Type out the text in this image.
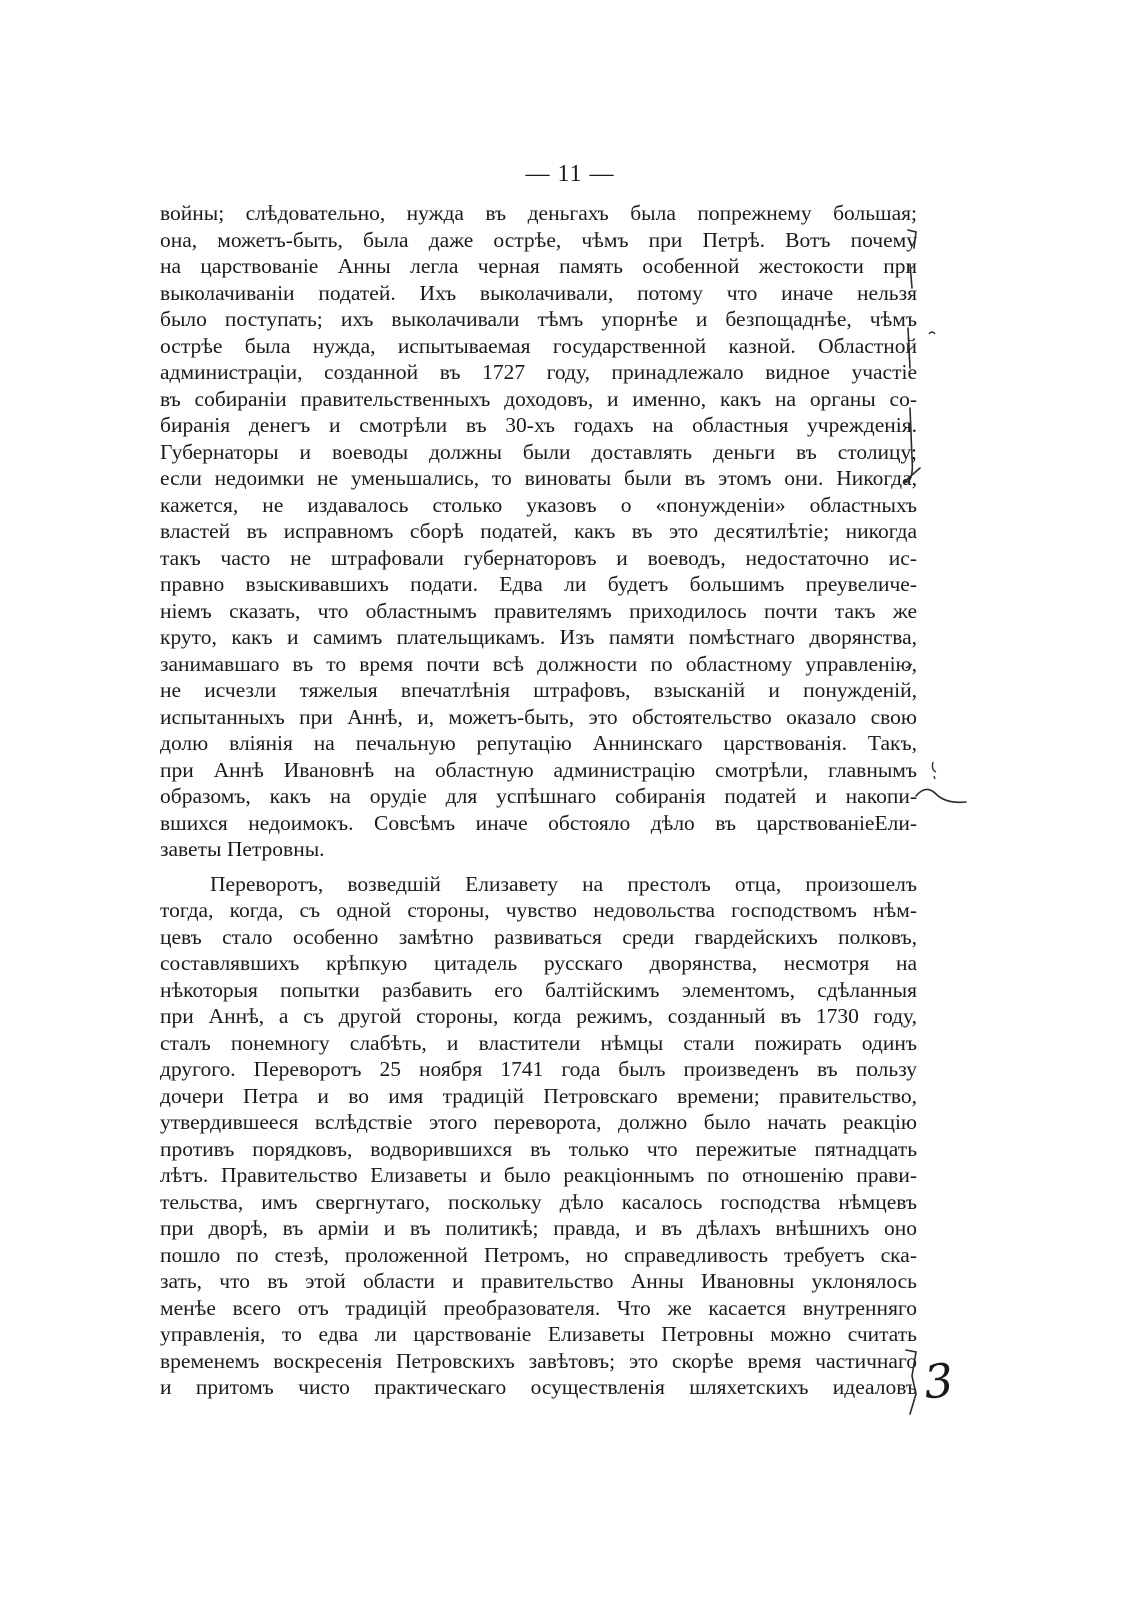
— 11 —
войны; слѣдовательно, нужда въ деньгахъ была попрежнему большая;
она, можетъ-быть, была даже острѣе, чѣмъ при Петрѣ. Вотъ почему
на царствованіе Анны легла черная память особенной жестокости при
выколачиваніи податей. Ихъ выколачивали, потому что иначе нельзя
было поступать; ихъ выколачивали тѣмъ упорнѣе и безпощаднѣе, чѣмъ
острѣе была нужда, испытываемая государственной казной. Областной
администраціи, созданной въ 1727 году, принадлежало видное участіе
въ собираніи правительственныхъ доходовъ, и именно, какъ на органы со-
биранія денегъ и смотрѣли въ 30-хъ годахъ на областныя учрежденія.
Губернаторы и воеводы должны были доставлять деньги въ столицу;
если недоимки не уменьшались, то виноваты были въ этомъ они. Никогда,
кажется, не издавалось столько указовъ о «понужденіи» областныхъ
властей въ исправномъ сборѣ податей, какъ въ это десятилѣтіе; никогда
такъ часто не штрафовали губернаторовъ и воеводъ, недостаточно ис-
правно взыскивавшихъ подати. Едва ли будетъ большимъ преувеличе-
ніемъ сказать, что областнымъ правителямъ приходилось почти такъ же
круто, какъ и самимъ плательщикамъ. Изъ памяти помѣстнаго дворянства,
занимавшаго въ то время почти всѣ должности по областному управленію,
не исчезли тяжелыя впечатлѣнія штрафовъ, взысканій и понужденій,
испытанныхъ при Аннѣ, и, можетъ-быть, это обстоятельство оказало свою
долю вліянія на печальную репутацію Аннинскаго царствованія. Такъ,
при Аннѣ Ивановнѣ на областную администрацію смотрѣли, главнымъ
образомъ, какъ на орудіе для успѣшнаго собиранія податей и накопи-
вшихся недоимокъ. Совсѣмъ иначе обстояло дѣло въ царствованіеЕли-
заветы Петровны.
Переворотъ, возведшій Елизавету на престолъ отца, произошелъ
тогда, когда, съ одной стороны, чувство недовольства господствомъ нѣм-
цевъ стало особенно замѣтно развиваться среди гвардейскихъ полковъ,
составлявшихъ крѣпкую цитадель русскаго дворянства, несмотря на
нѣкоторыя попытки разбавить его балтійскимъ элементомъ, сдѣланныя
при Аннѣ, а съ другой стороны, когда режимъ, созданный въ 1730 году,
сталъ понемногу слабѣть, и властители нѣмцы стали пожирать одинъ
другого. Переворотъ 25 ноября 1741 года былъ произведенъ въ пользу
дочери Петра и во имя традицій Петровскаго времени; правительство,
утвердившееся вслѣдствіе этого переворота, должно было начать реакцію
противъ порядковъ, водворившихся въ только что пережитые пятнадцать
лѣтъ. Правительство Елизаветы и было реакціоннымъ по отношенію прави-
тельства, имъ свергнутаго, поскольку дѣло касалось господства нѣмцевъ
при дворѣ, въ арміи и въ политикѣ; правда, и въ дѣлахъ внѣшнихъ оно
пошло по стезѣ, проложенной Петромъ, но справедливость требуетъ ска-
зать, что въ этой области и правительство Анны Ивановны уклонялось
менѣе всего отъ традицій преобразователя. Что же касается внутренняго
управленія, то едва ли царствованіе Елизаветы Петровны можно считать
временемъ воскресенія Петровскихъ завѣтовъ; это скорѣе время частичнаго
и притомъ чисто практическаго осуществленія шляхетскихъ идеаловъ 3
